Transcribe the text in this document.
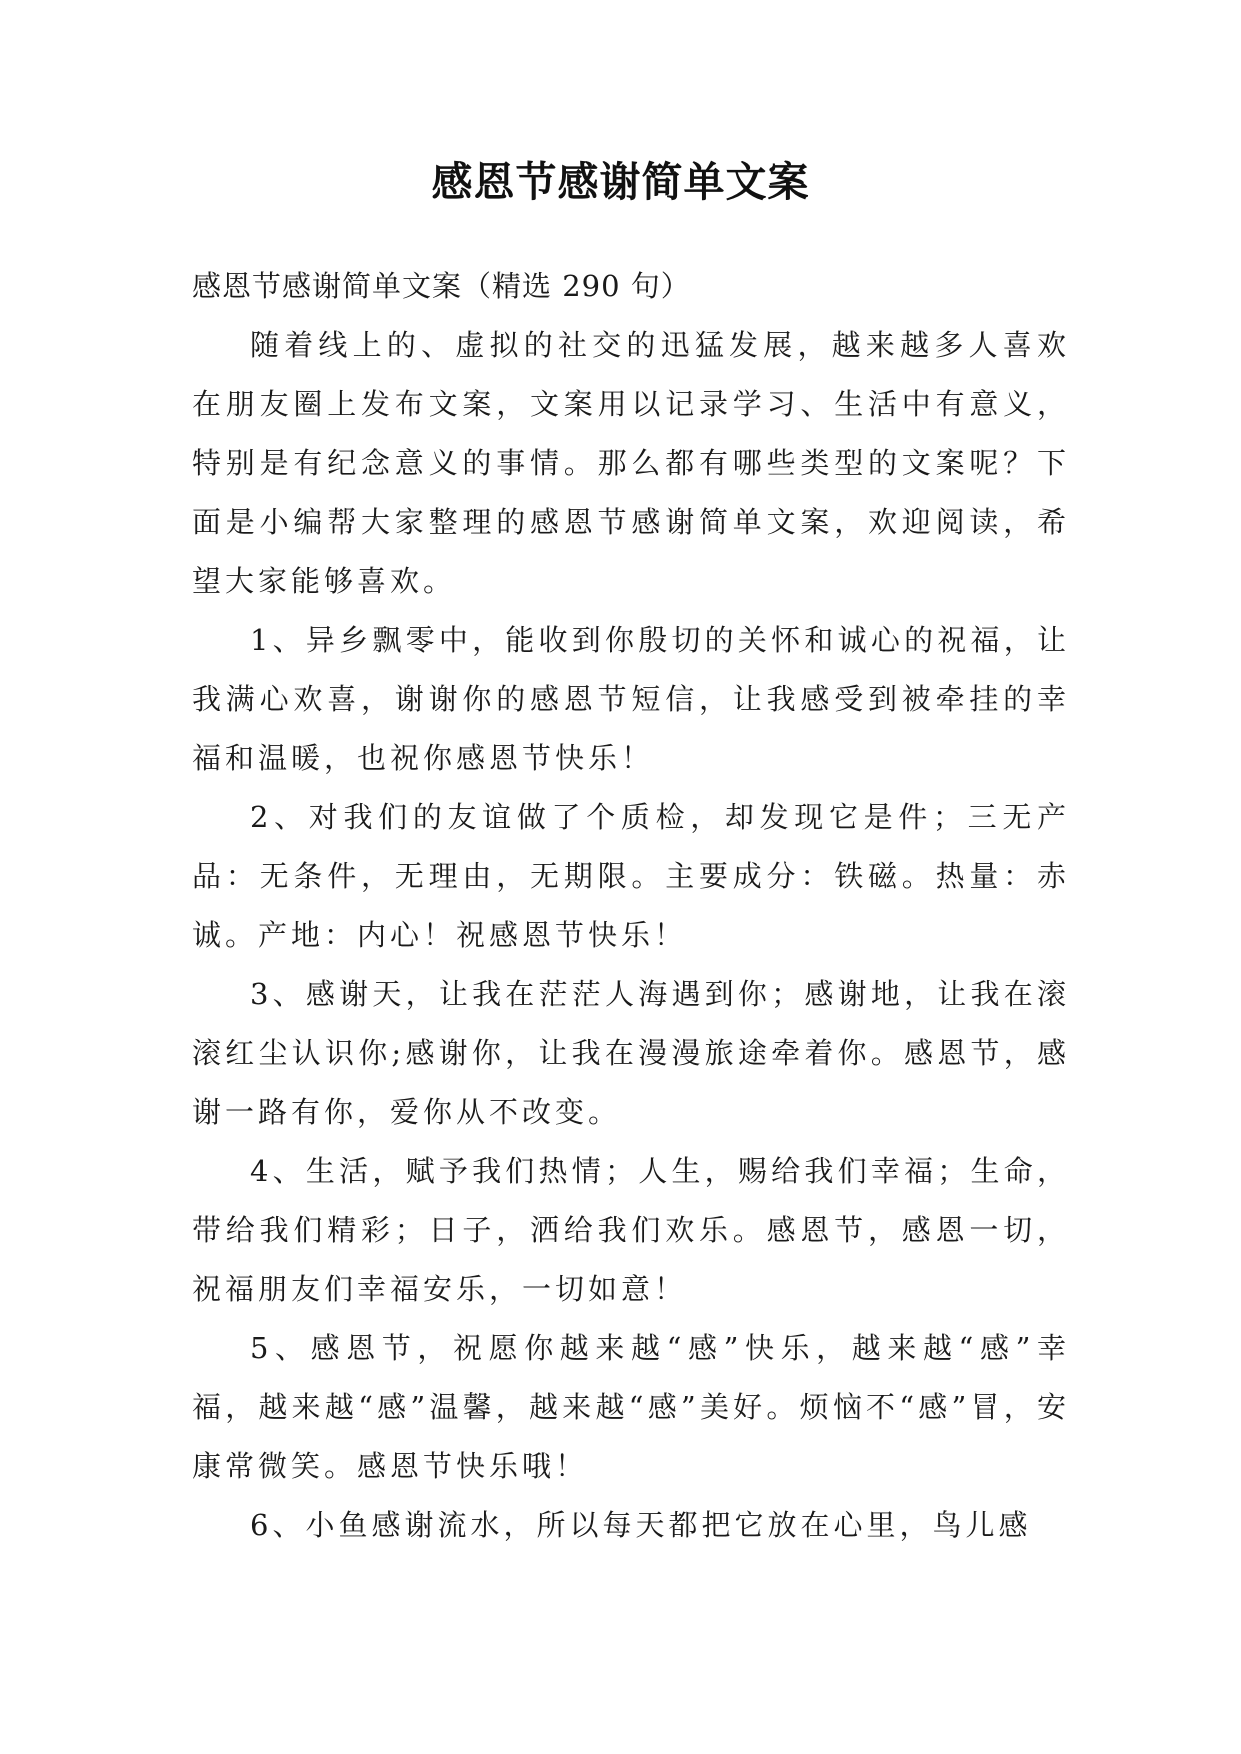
感恩节感谢简单文案

感恩节感谢简单文案（精选 290 句）

随着线上的、虚拟的社交的迅猛发展，越来越多人喜欢在朋友圈上发布文案，文案用以记录学习、生活中有意义，特别是有纪念意义的事情。那么都有哪些类型的文案呢？下面是小编帮大家整理的感恩节感谢简单文案，欢迎阅读，希望大家能够喜欢。

1、异乡飘零中，能收到你殷切的关怀和诚心的祝福，让我满心欢喜，谢谢你的感恩节短信，让我感受到被牵挂的幸福和温暖，也祝你感恩节快乐！

2、对我们的友谊做了个质检，却发现它是件；三无产品：无条件，无理由，无期限。主要成分：铁磁。热量：赤诚。产地：内心！祝感恩节快乐！

3、感谢天，让我在茫茫人海遇到你；感谢地，让我在滚滚红尘认识你;感谢你，让我在漫漫旅途牵着你。感恩节，感谢一路有你，爱你从不改变。

4、生活，赋予我们热情；人生，赐给我们幸福；生命，带给我们精彩；日子，洒给我们欢乐。感恩节，感恩一切，祝福朋友们幸福安乐，一切如意！

5、感恩节，祝愿你越来越“感”快乐，越来越“感”幸福，越来越“感”温馨，越来越“感”美好。烦恼不“感”冒，安康常微笑。感恩节快乐哦！

6、小鱼感谢流水，所以每天都把它放在心里，鸟儿感
